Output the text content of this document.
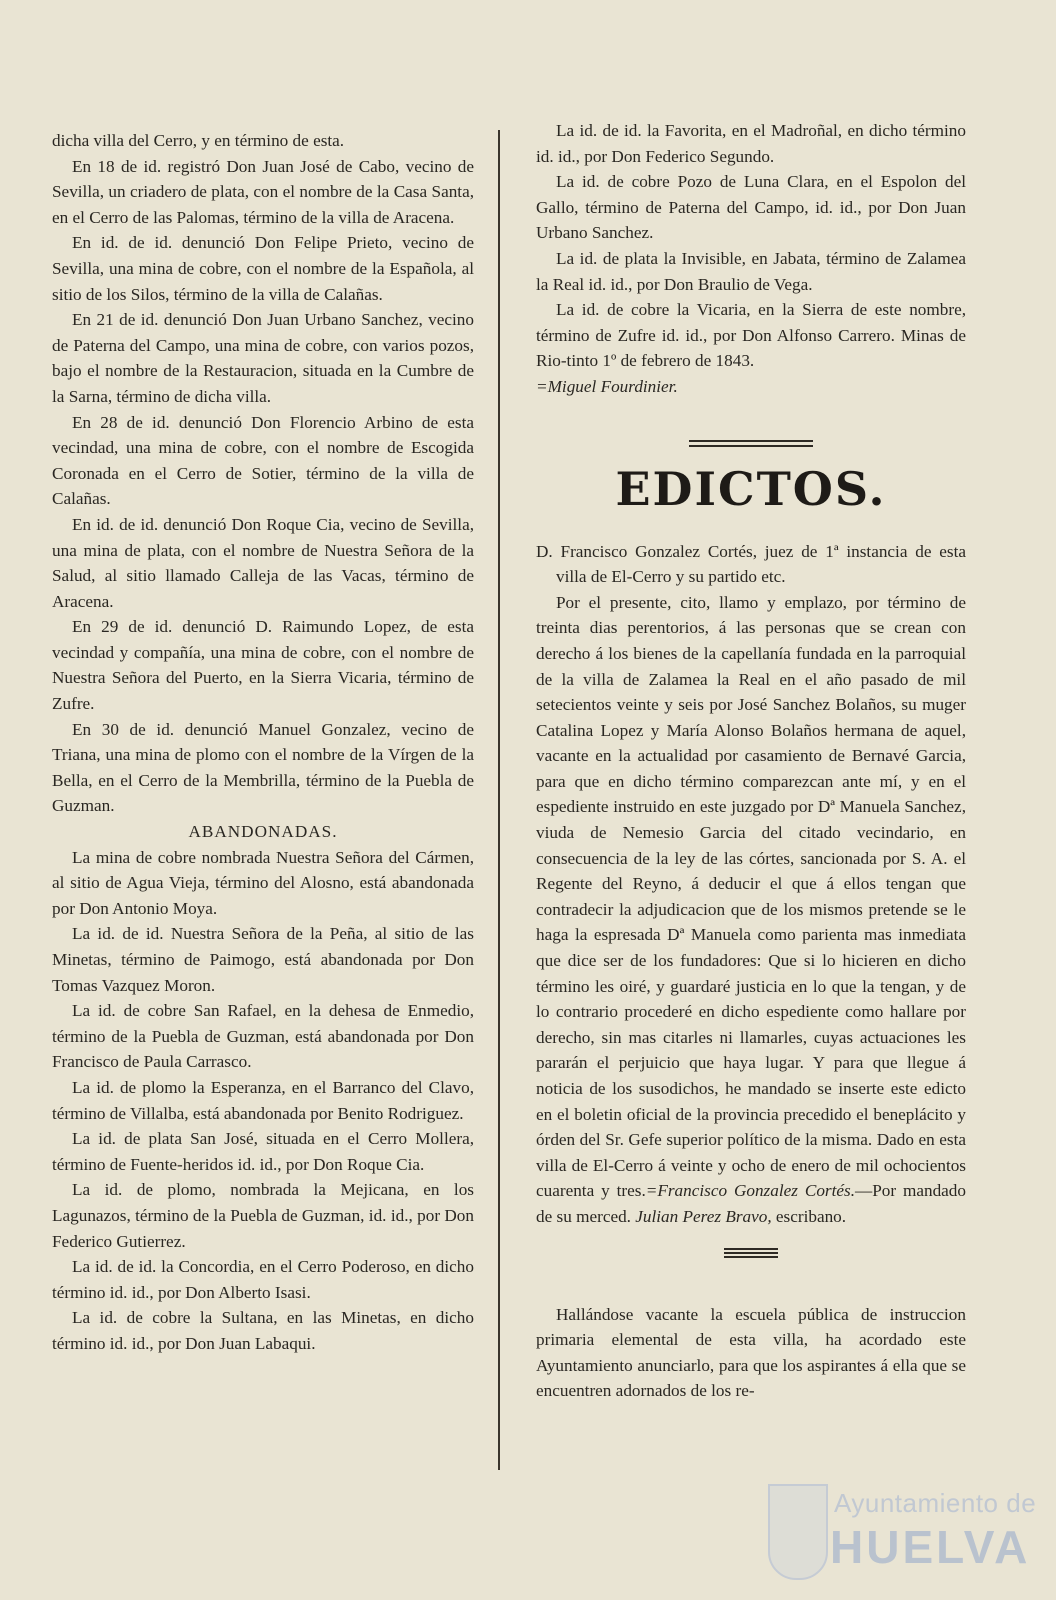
dicha villa del Cerro, y en término de esta.

En 18 de id. registró Don Juan José de Cabo, vecino de Sevilla, un criadero de plata, con el nombre de la Casa Santa, en el Cerro de las Palomas, término de la villa de Aracena.

En id. de id. denunció Don Felipe Prieto, vecino de Sevilla, una mina de cobre, con el nombre de la Española, al sitio de los Silos, término de la villa de Calañas.

En 21 de id. denunció Don Juan Urbano Sanchez, vecino de Paterna del Campo, una mina de cobre, con varios pozos, bajo el nombre de la Restauracion, situada en la Cumbre de la Sarna, término de dicha villa.

En 28 de id. denunció Don Florencio Arbino de esta vecindad, una mina de cobre, con el nombre de Escogida Coronada en el Cerro de Sotier, término de la villa de Calañas.

En id. de id. denunció Don Roque Cia, vecino de Sevilla, una mina de plata, con el nombre de Nuestra Señora de la Salud, al sitio llamado Calleja de las Vacas, término de Aracena.

En 29 de id. denunció D. Raimundo Lopez, de esta vecindad y compañía, una mina de cobre, con el nombre de Nuestra Señora del Puerto, en la Sierra Vicaria, término de Zufre.

En 30 de id. denunció Manuel Gonzalez, vecino de Triana, una mina de plomo con el nombre de la Vírgen de la Bella, en el Cerro de la Membrilla, término de la Puebla de Guzman.

ABANDONADAS.

La mina de cobre nombrada Nuestra Señora del Cármen, al sitio de Agua Vieja, término del Alosno, está abandonada por Don Antonio Moya.

La id. de id. Nuestra Señora de la Peña, al sitio de las Minetas, término de Paimogo, está abandonada por Don Tomas Vazquez Moron.

La id. de cobre San Rafael, en la dehesa de Enmedio, término de la Puebla de Guzman, está abandonada por Don Francisco de Paula Carrasco.

La id. de plomo la Esperanza, en el Barranco del Clavo, término de Villalba, está abandonada por Benito Rodriguez.

La id. de plata San José, situada en el Cerro Mollera, término de Fuente-heridos id. id., por Don Roque Cia.

La id. de plomo, nombrada la Mejicana, en los Lagunazos, término de la Puebla de Guzman, id. id., por Don Federico Gutierrez.

La id. de id. la Concordia, en el Cerro Poderoso, en dicho término id. id., por Don Alberto Isasi.

La id. de cobre la Sultana, en las Minetas, en dicho término id. id., por Don Juan Labaqui.

La id. de id. la Favorita, en el Madroñal, en dicho término id. id., por Don Federico Segundo.

La id. de cobre Pozo de Luna Clara, en el Espolon del Gallo, término de Paterna del Campo, id. id., por Don Juan Urbano Sanchez.

La id. de plata la Invisible, en Jabata, término de Zalamea la Real id. id., por Don Braulio de Vega.

La id. de cobre la Vicaria, en la Sierra de este nombre, término de Zufre id. id., por Don Alfonso Carrero. Minas de Rio-tinto 1º de febrero de 1843.

=Miguel Fourdinier.

EDICTOS.

D. Francisco Gonzalez Cortés, juez de 1ª instancia de esta villa de El-Cerro y su partido etc.

Por el presente, cito, llamo y emplazo, por término de treinta dias perentorios, á las personas que se crean con derecho á los bienes de la capellanía fundada en la parroquial de la villa de Zalamea la Real en el año pasado de mil setecientos veinte y seis por José Sanchez Bolaños, su muger Catalina Lopez y María Alonso Bolaños hermana de aquel, vacante en la actualidad por casamiento de Bernavé Garcia, para que en dicho término comparezcan ante mí, y en el espediente instruido en este juzgado por Dª Manuela Sanchez, viuda de Nemesio Garcia del citado vecindario, en consecuencia de la ley de las córtes, sancionada por S. A. el Regente del Reyno, á deducir el que á ellos tengan que contradecir la adjudicacion que de los mismos pretende se le haga la espresada Dª Manuela como parienta mas inmediata que dice ser de los fundadores: Que si lo hicieren en dicho término les oiré, y guardaré justicia en lo que la tengan, y de lo contrario procederé en dicho espediente como hallare por derecho, sin mas citarles ni llamarles, cuyas actuaciones les pararán el perjuicio que haya lugar. Y para que llegue á noticia de los susodichos, he mandado se inserte este edicto en el boletin oficial de la provincia precedido el beneplácito y órden del Sr. Gefe superior político de la misma. Dado en esta villa de El-Cerro á veinte y ocho de enero de mil ochocientos cuarenta y tres.=Francisco Gonzalez Cortés.—Por mandado de su merced. Julian Perez Bravo, escribano.

Hallándose vacante la escuela pública de instruccion primaria elemental de esta villa, ha acordado este Ayuntamiento anunciarlo, para que los aspirantes á ella que se encuentren adornados de los re-

Ayuntamiento de
HUELVA
